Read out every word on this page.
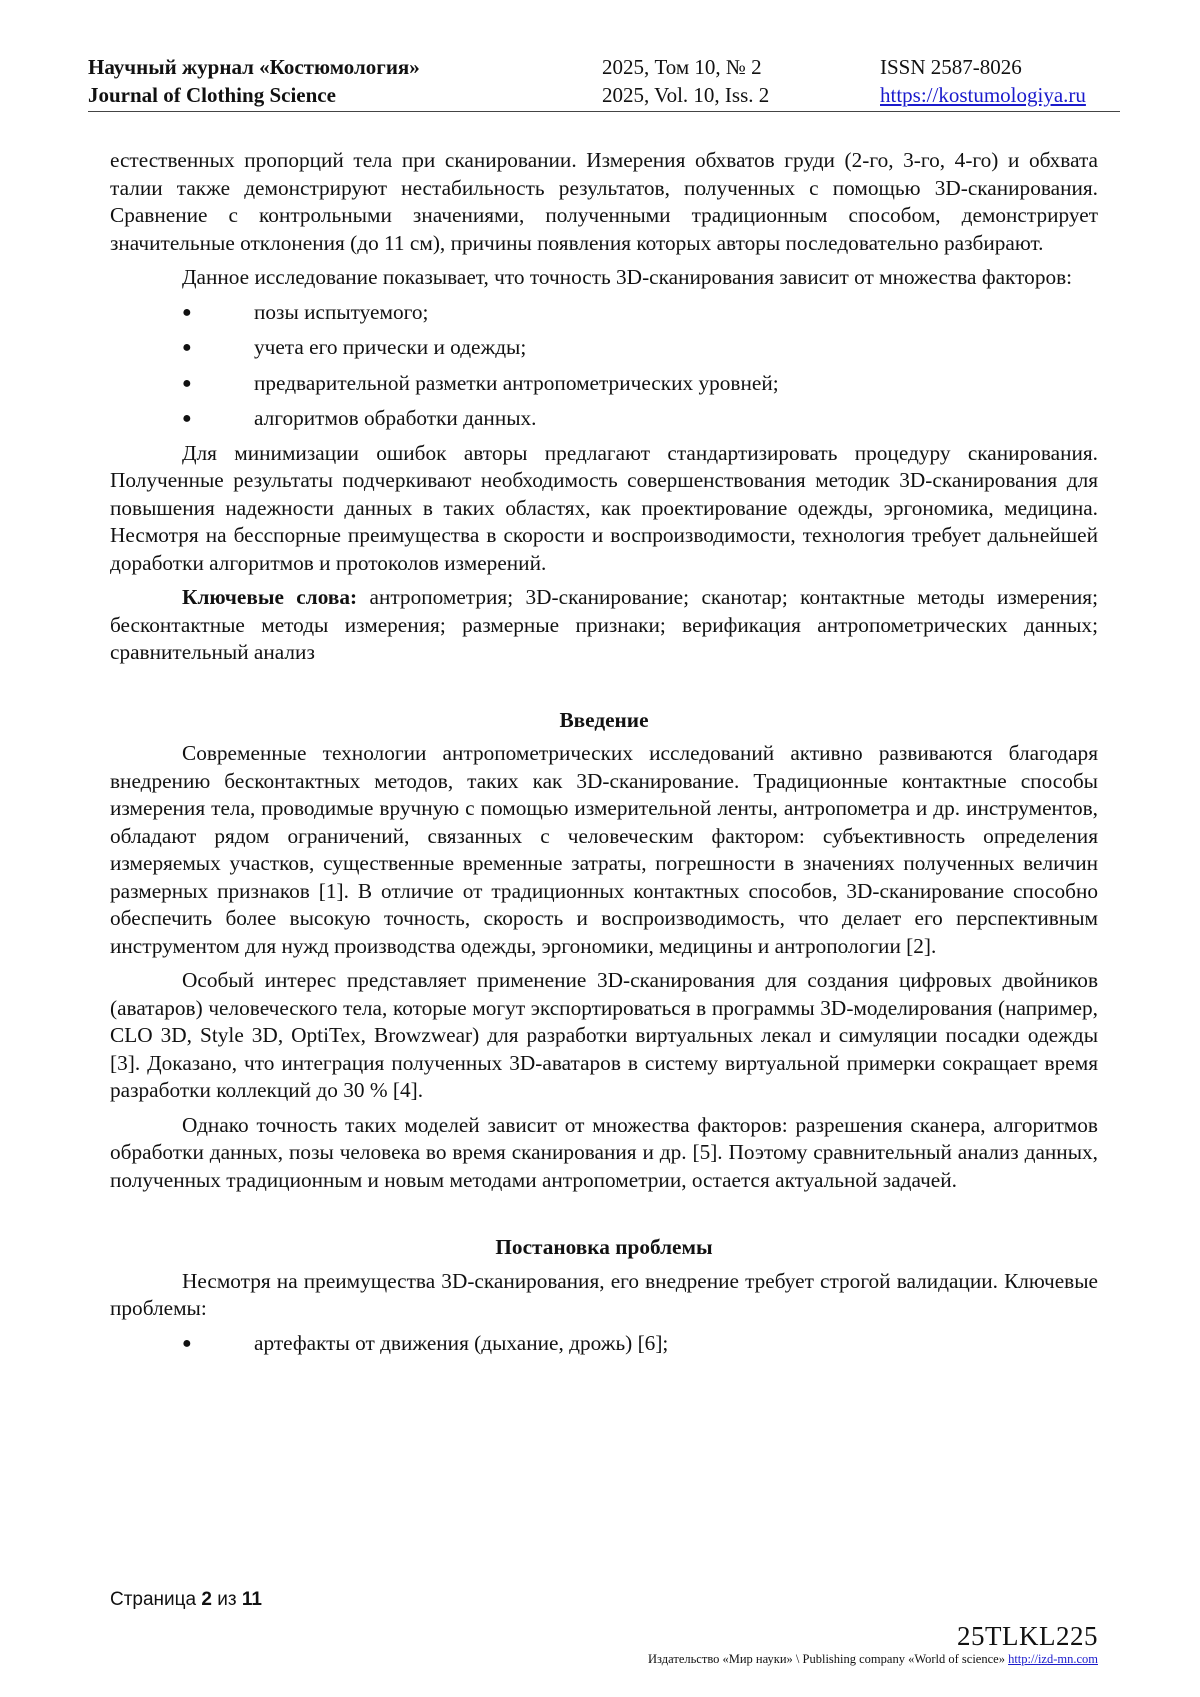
Научный журнал «Костюмология»
Journal of Clothing Science
2025, Том 10, № 2
2025, Vol. 10, Iss. 2
ISSN 2587-8026
https://kostumologiya.ru

естественных пропорций тела при сканировании. Измерения обхватов груди (2-го, 3-го, 4-го) и обхвата талии также демонстрируют нестабильность результатов, полученных с помощью 3D-сканирования. Сравнение с контрольными значениями, полученными традиционным способом, демонстрирует значительные отклонения (до 11 см), причины появления которых авторы последовательно разбирают.

Данное исследование показывает, что точность 3D-сканирования зависит от множества факторов:

●	позы испытуемого;
●	учета его прически и одежды;
●	предварительной разметки антропометрических уровней;
●	алгоритмов обработки данных.

Для минимизации ошибок авторы предлагают стандартизировать процедуру сканирования. Полученные результаты подчеркивают необходимость совершенствования методик 3D-сканирования для повышения надежности данных в таких областях, как проектирование одежды, эргономика, медицина. Несмотря на бесспорные преимущества в скорости и воспроизводимости, технология требует дальнейшей доработки алгоритмов и протоколов измерений.

Ключевые слова: антропометрия; 3D-сканирование; сканотар; контактные методы измерения; бесконтактные методы измерения; размерные признаки; верификация антропометрических данных; сравнительный анализ

Введение

Современные технологии антропометрических исследований активно развиваются благодаря внедрению бесконтактных методов, таких как 3D-сканирование. Традиционные контактные способы измерения тела, проводимые вручную с помощью измерительной ленты, антропометра и др. инструментов, обладают рядом ограничений, связанных с человеческим фактором: субъективность определения измеряемых участков, существенные временные затраты, погрешности в значениях полученных величин размерных признаков [1]. В отличие от традиционных контактных способов, 3D-сканирование способно обеспечить более высокую точность, скорость и воспроизводимость, что делает его перспективным инструментом для нужд производства одежды, эргономики, медицины и антропологии [2].

Особый интерес представляет применение 3D-сканирования для создания цифровых двойников (аватаров) человеческого тела, которые могут экспортироваться в программы 3D-моделирования (например, CLO 3D, Style 3D, OptiTex, Browzwear) для разработки виртуальных лекал и симуляции посадки одежды [3]. Доказано, что интеграция полученных 3D-аватаров в систему виртуальной примерки сокращает время разработки коллекций до 30 % [4].

Однако точность таких моделей зависит от множества факторов: разрешения сканера, алгоритмов обработки данных, позы человека во время сканирования и др. [5]. Поэтому сравнительный анализ данных, полученных традиционным и новым методами антропометрии, остается актуальной задачей.

Постановка проблемы

Несмотря на преимущества 3D-сканирования, его внедрение требует строгой валидации. Ключевые проблемы:

●	артефакты от движения (дыхание, дрожь) [6];
Страница 2 из 11
25TLKL225
Издательство «Мир науки» \ Publishing company «World of science» http://izd-mn.com
